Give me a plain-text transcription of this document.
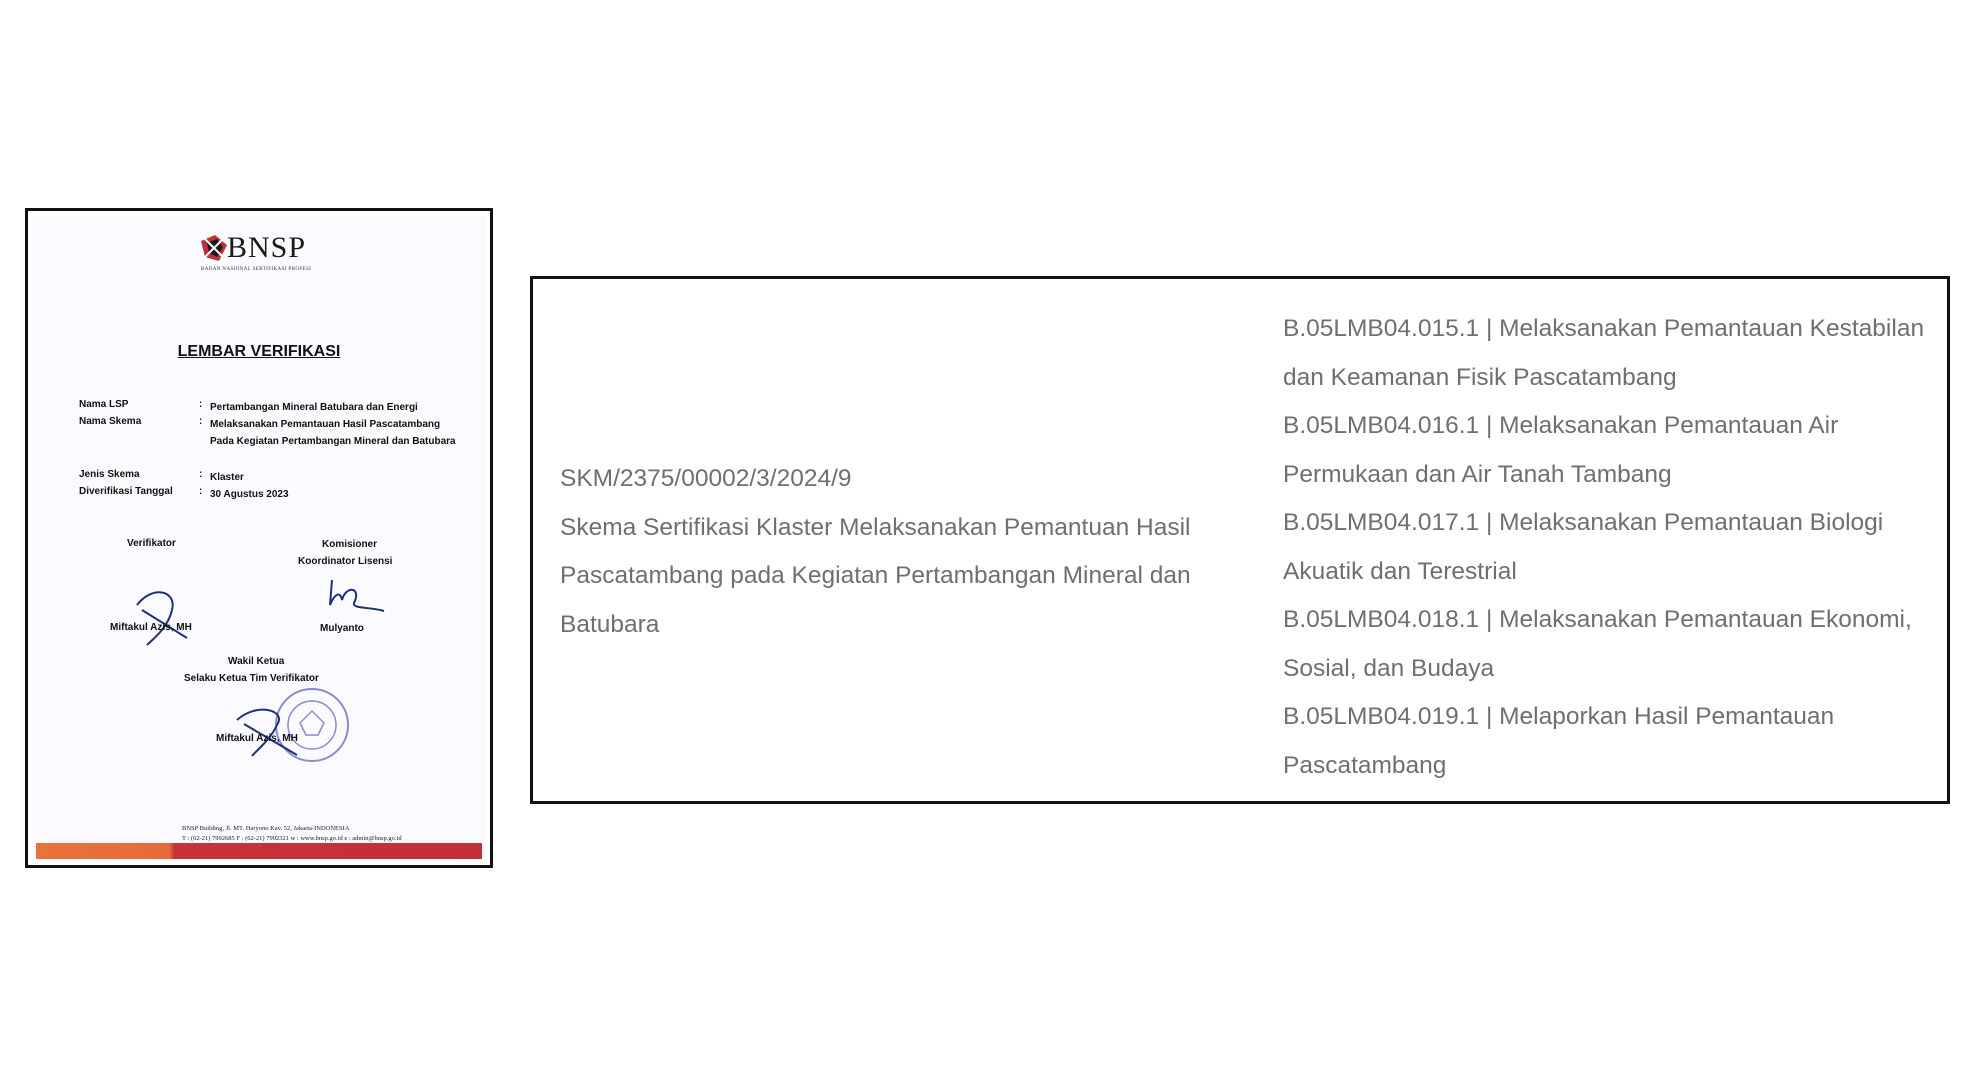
BNSP
BADAN NASIONAL SERTIFIKASI PROFESI
LEMBAR VERIFIKASI
Nama LSP	: Pertambangan Mineral Batubara dan Energi
Nama Skema	: Melaksanakan Pemantauan Hasil Pascatambang Pada Kegiatan Pertambangan Mineral dan Batubara
Jenis Skema	: Klaster
Diverifikasi Tanggal	: 30 Agustus 2023
Verifikator	Komisioner
Koordinator Lisensi
Miftakul Azis, MH	Mulyanto
Wakil Ketua
Selaku Ketua Tim Verifikator
Miftakul Azis, MH
BNSP Building, Jl. MT. Haryono Kav. 52, Jakarta-INDONESIA
T : (62-21) 7992685 F : (62-21) 7992321 w : www.bnsp.go.id e : admin@bnsp.go.id
SKM/2375/00002/3/2024/9
Skema Sertifikasi Klaster Melaksanakan Pemantuan Hasil Pascatambang pada Kegiatan Pertambangan Mineral dan Batubara
B.05LMB04.015.1 | Melaksanakan Pemantauan Kestabilan dan Keamanan Fisik Pascatambang
B.05LMB04.016.1 | Melaksanakan Pemantauan Air Permukaan dan Air Tanah Tambang
B.05LMB04.017.1 | Melaksanakan Pemantauan Biologi Akuatik dan Terestrial
B.05LMB04.018.1 | Melaksanakan Pemantauan Ekonomi, Sosial, dan Budaya
B.05LMB04.019.1 | Melaporkan Hasil Pemantauan Pascatambang
